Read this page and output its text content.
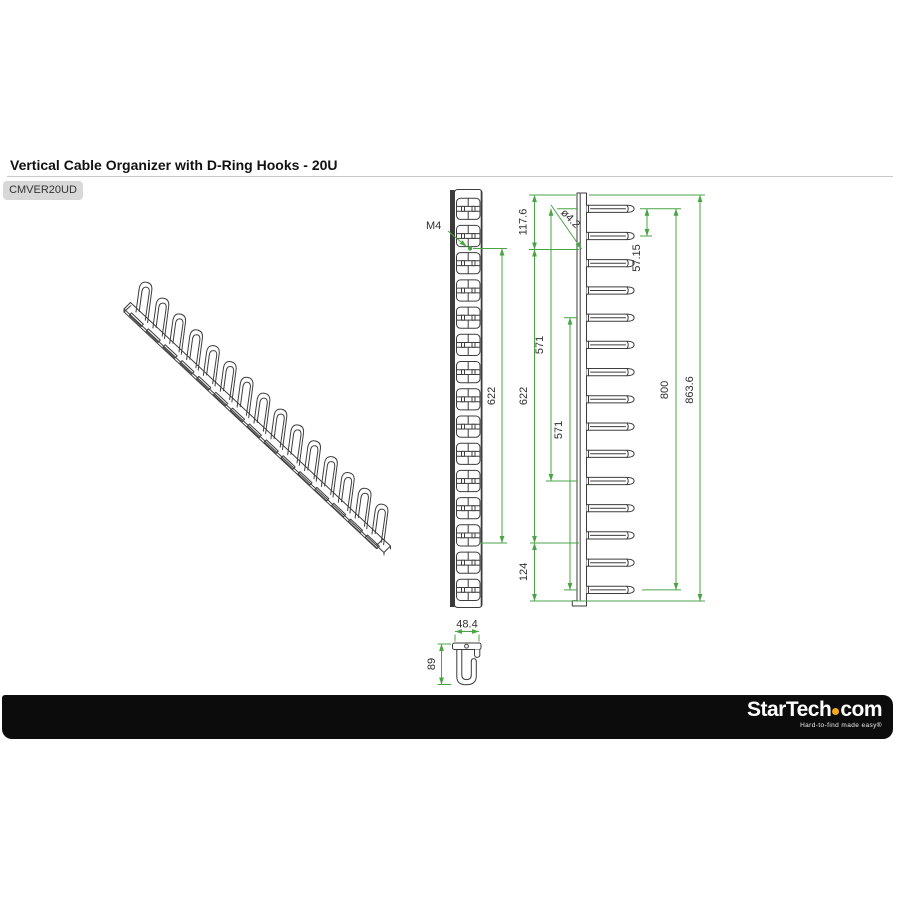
Vertical Cable Organizer with D-Ring Hooks - 20U
CMVER20UD
M4
622
117.6	ø4.2
622
124
571
571
57.15
800 863.6
48.4
89
StarTech com
Hard-to-find made easy®
